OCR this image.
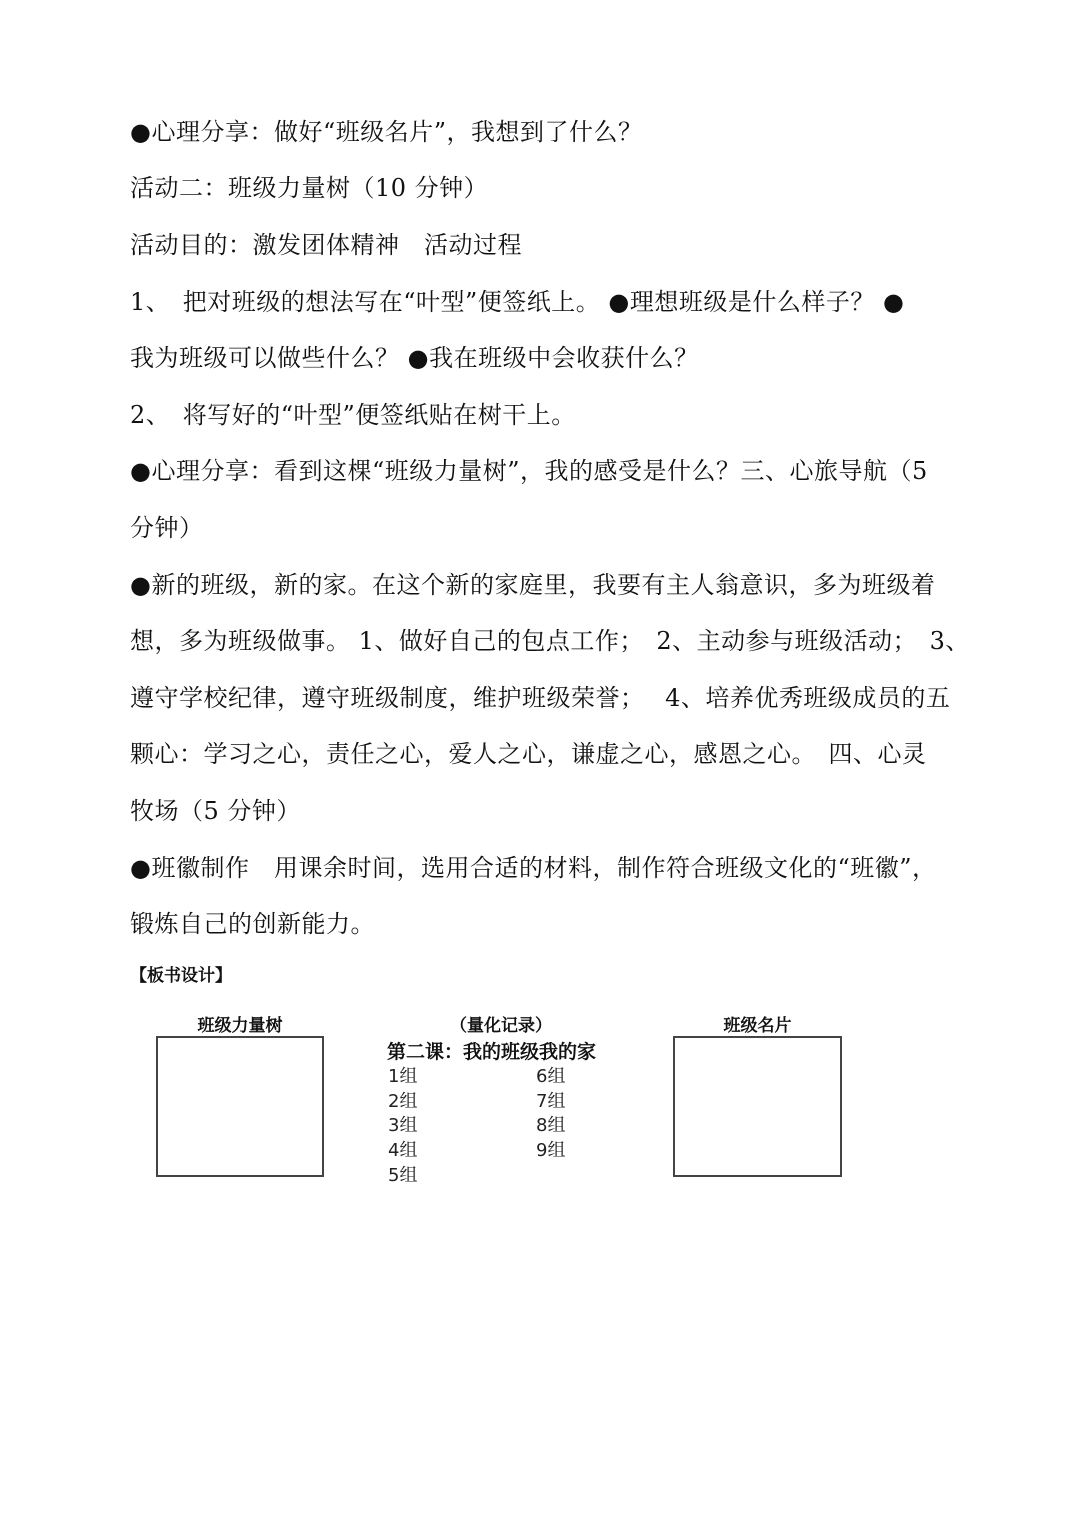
●心理分享：做好“班级名片”，我想到了什么？
活动二：班级力量树（10 分钟）
活动目的：激发团体精神　活动过程
1、　把对班级的想法写在“叶型”便签纸上。 ●理想班级是什么样子？ ●
我为班级可以做些什么？ ●我在班级中会收获什么？
2、　将写好的“叶型”便签纸贴在树干上。
●心理分享：看到这棵“班级力量树”，我的感受是什么？三、心旅导航（5
分钟）
●新的班级，新的家。在这个新的家庭里，我要有主人翁意识，多为班级着
想，多为班级做事。 1、做好自己的包点工作；　2、主动参与班级活动；　3、
遵守学校纪律，遵守班级制度，维护班级荣誉；　 4、培养优秀班级成员的五
颗心：学习之心，责任之心，爱人之心，谦虚之心，感恩之心。　四、心灵
牧场（5 分钟）
●班徽制作　用课余时间，选用合适的材料，制作符合班级文化的“班徽”，
锻炼自己的创新能力。
【板书设计】
班级力量树	（量化记录）
第二课：我的班级我的家
1组
2组
3组
4组
5组
6组
7组
8组
9组
班级名片
